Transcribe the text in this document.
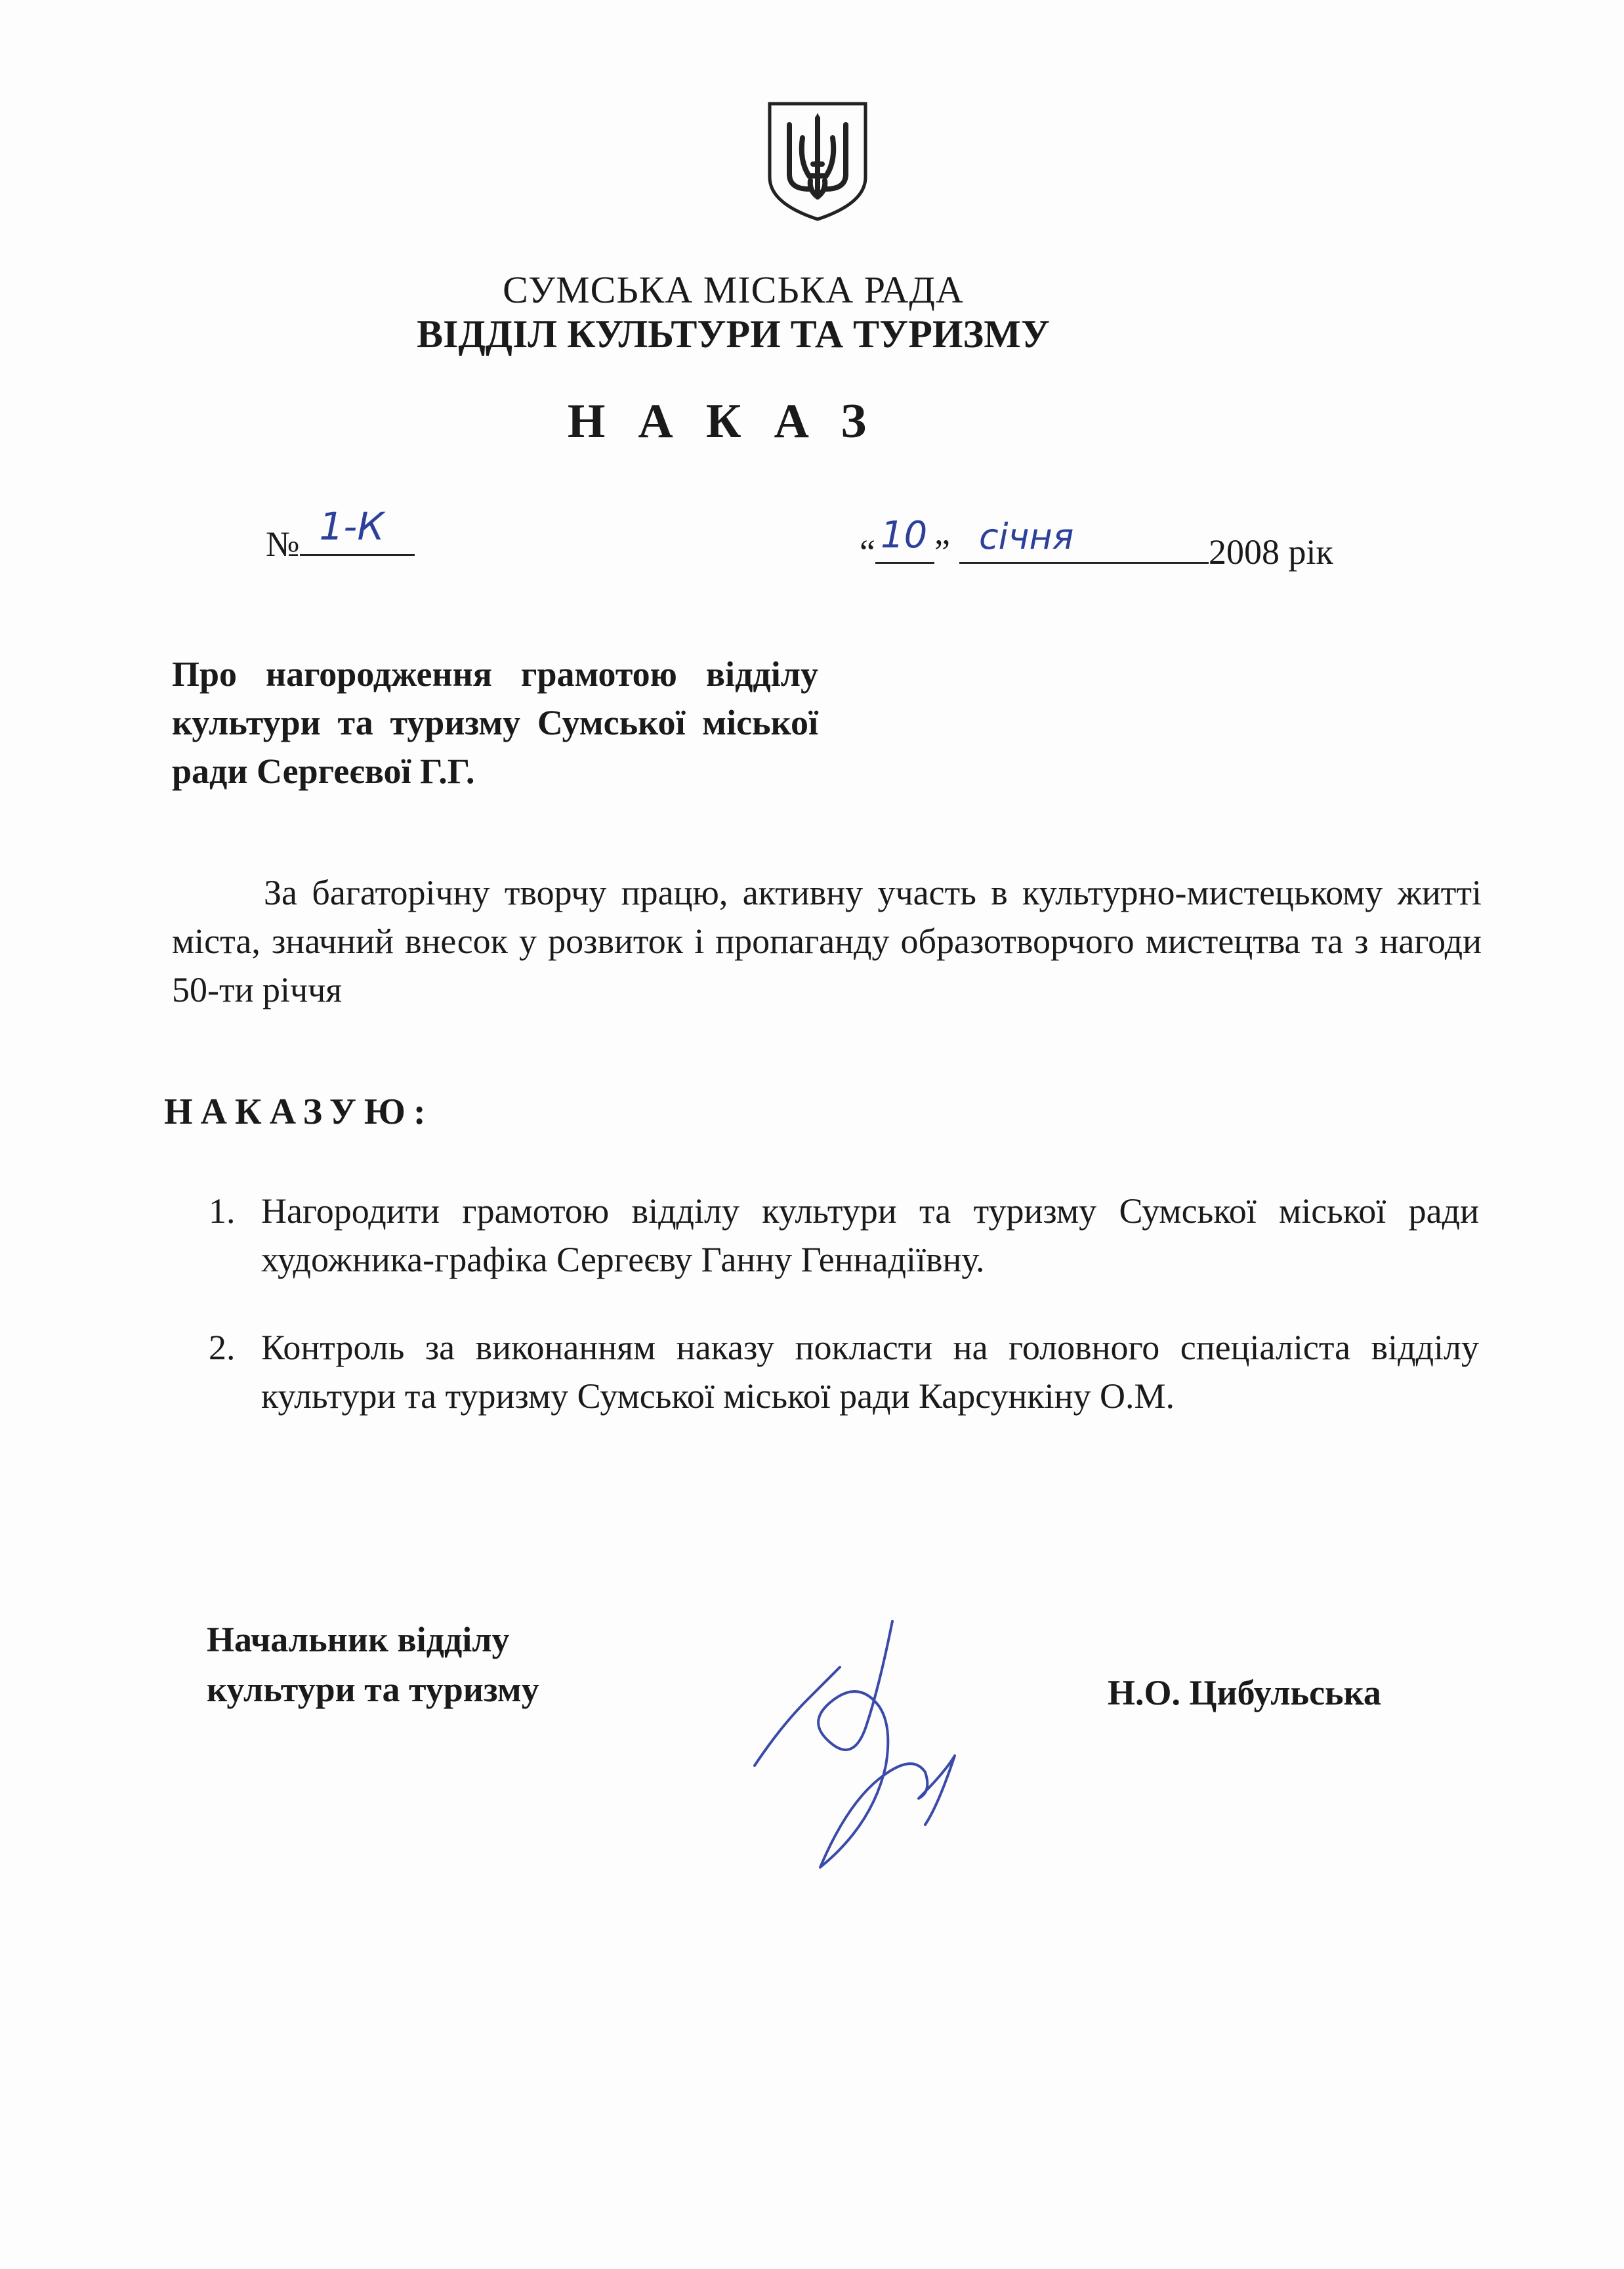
СУМСЬКА МІСЬКА РАДА
ВІДДІЛ КУЛЬТУРИ ТА ТУРИЗМУ
НАКАЗ
№ 1-К
“ 10 ” січня	2008 рік
Про нагородження грамотою відділу культури та туризму Сумської міської ради Сергеєвої Г.Г.
За багаторічну творчу працю, активну участь в культурно-мистецькому житті міста, значний внесок у розвиток і пропаганду образотворчого мистецтва та з нагоди 50-ти річчя
НАКАЗУЮ:
1. Нагородити грамотою відділу культури та туризму Сумської міської ради художника-графіка Сергеєву Ганну Геннадіївну.
2. Контроль за виконанням наказу покласти на головного спеціаліста відділу культури та туризму Сумської міської ради Карсункіну О.М.
Начальник відділу
культури та туризму	Н.О. Цибульська
